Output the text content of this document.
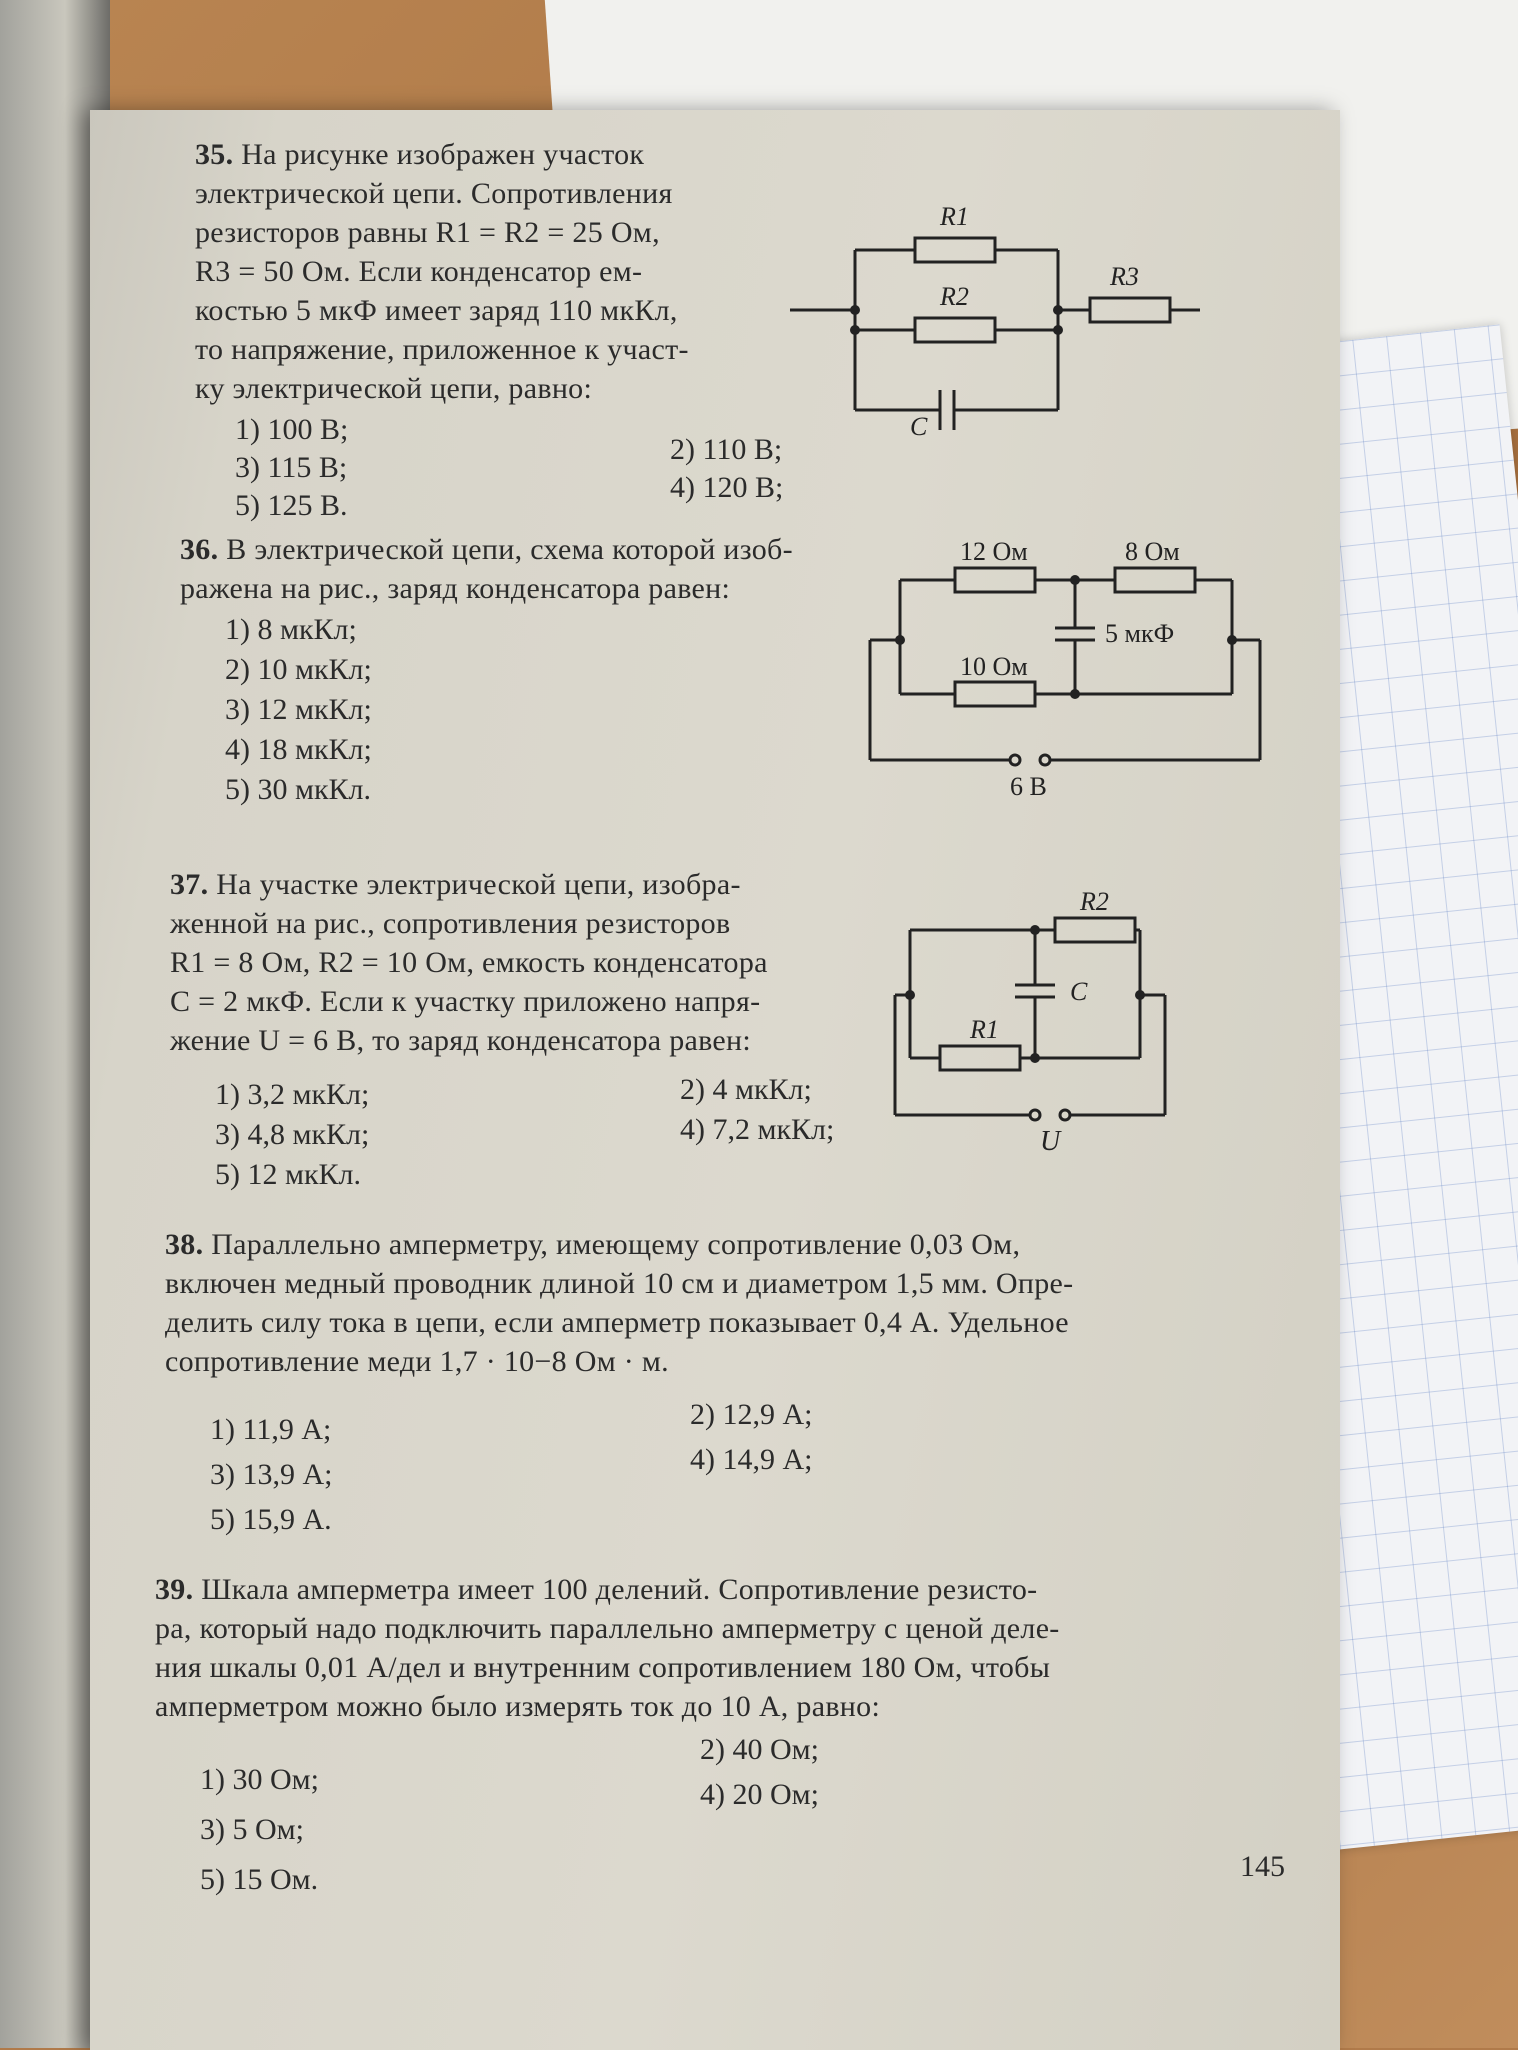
35. На рисунке изображен участок
электрической цепи. Сопротивления
резисторов равны R1 = R2 = 25 Ом,
R3 = 50 Ом. Если конденсатор ем-
костью 5 мкФ имеет заряд 110 мкКл,
то напряжение, приложенное к участ-
ку электрической цепи, равно:
1) 100 В;
2) 110 В;
3) 115 В;
4) 120 В;
5) 125 В.
R1
R2
R3
C
36. В электрической цепи, схема которой изоб-
ражена на рис., заряд конденсатора равен:
1) 8 мкКл;
2) 10 мкКл;
3) 12 мкКл;
4) 18 мкКл;
5) 30 мкКл.
12 Ом	8 Ом
5 мкФ
10 Ом
6 В
37. На участке электрической цепи, изобра-
женной на рис., сопротивления резисторов
R1 = 8 Ом, R2 = 10 Ом, емкость конденсатора
C = 2 мкФ. Если к участку приложено напря-
жение U = 6 В, то заряд конденсатора равен:
1) 3,2 мкКл;	2) 4 мкКл;
3) 4,8 мкКл;	4) 7,2 мкКл;
5) 12 мкКл.
R2
C
R1
U
38. Параллельно амперметру, имеющему сопротивление 0,03 Ом,
включен медный проводник длиной 10 см и диаметром 1,5 мм. Опре-
делить силу тока в цепи, если амперметр показывает 0,4 А. Удельное
сопротивление меди 1,7 · 10−8 Ом · м.
1) 11,9 А;	2) 12,9 А;
3) 13,9 А;	4) 14,9 А;
5) 15,9 А.
39. Шкала амперметра имеет 100 делений. Сопротивление резисто-
ра, который надо подключить параллельно амперметру с ценой деле-
ния шкалы 0,01 А/дел и внутренним сопротивлением 180 Ом, чтобы
амперметром можно было измерять ток до 10 А, равно:
1) 30 Ом;
2) 40 Ом;
3) 5 Ом;
4) 20 Ом;
5) 15 Ом.	145
